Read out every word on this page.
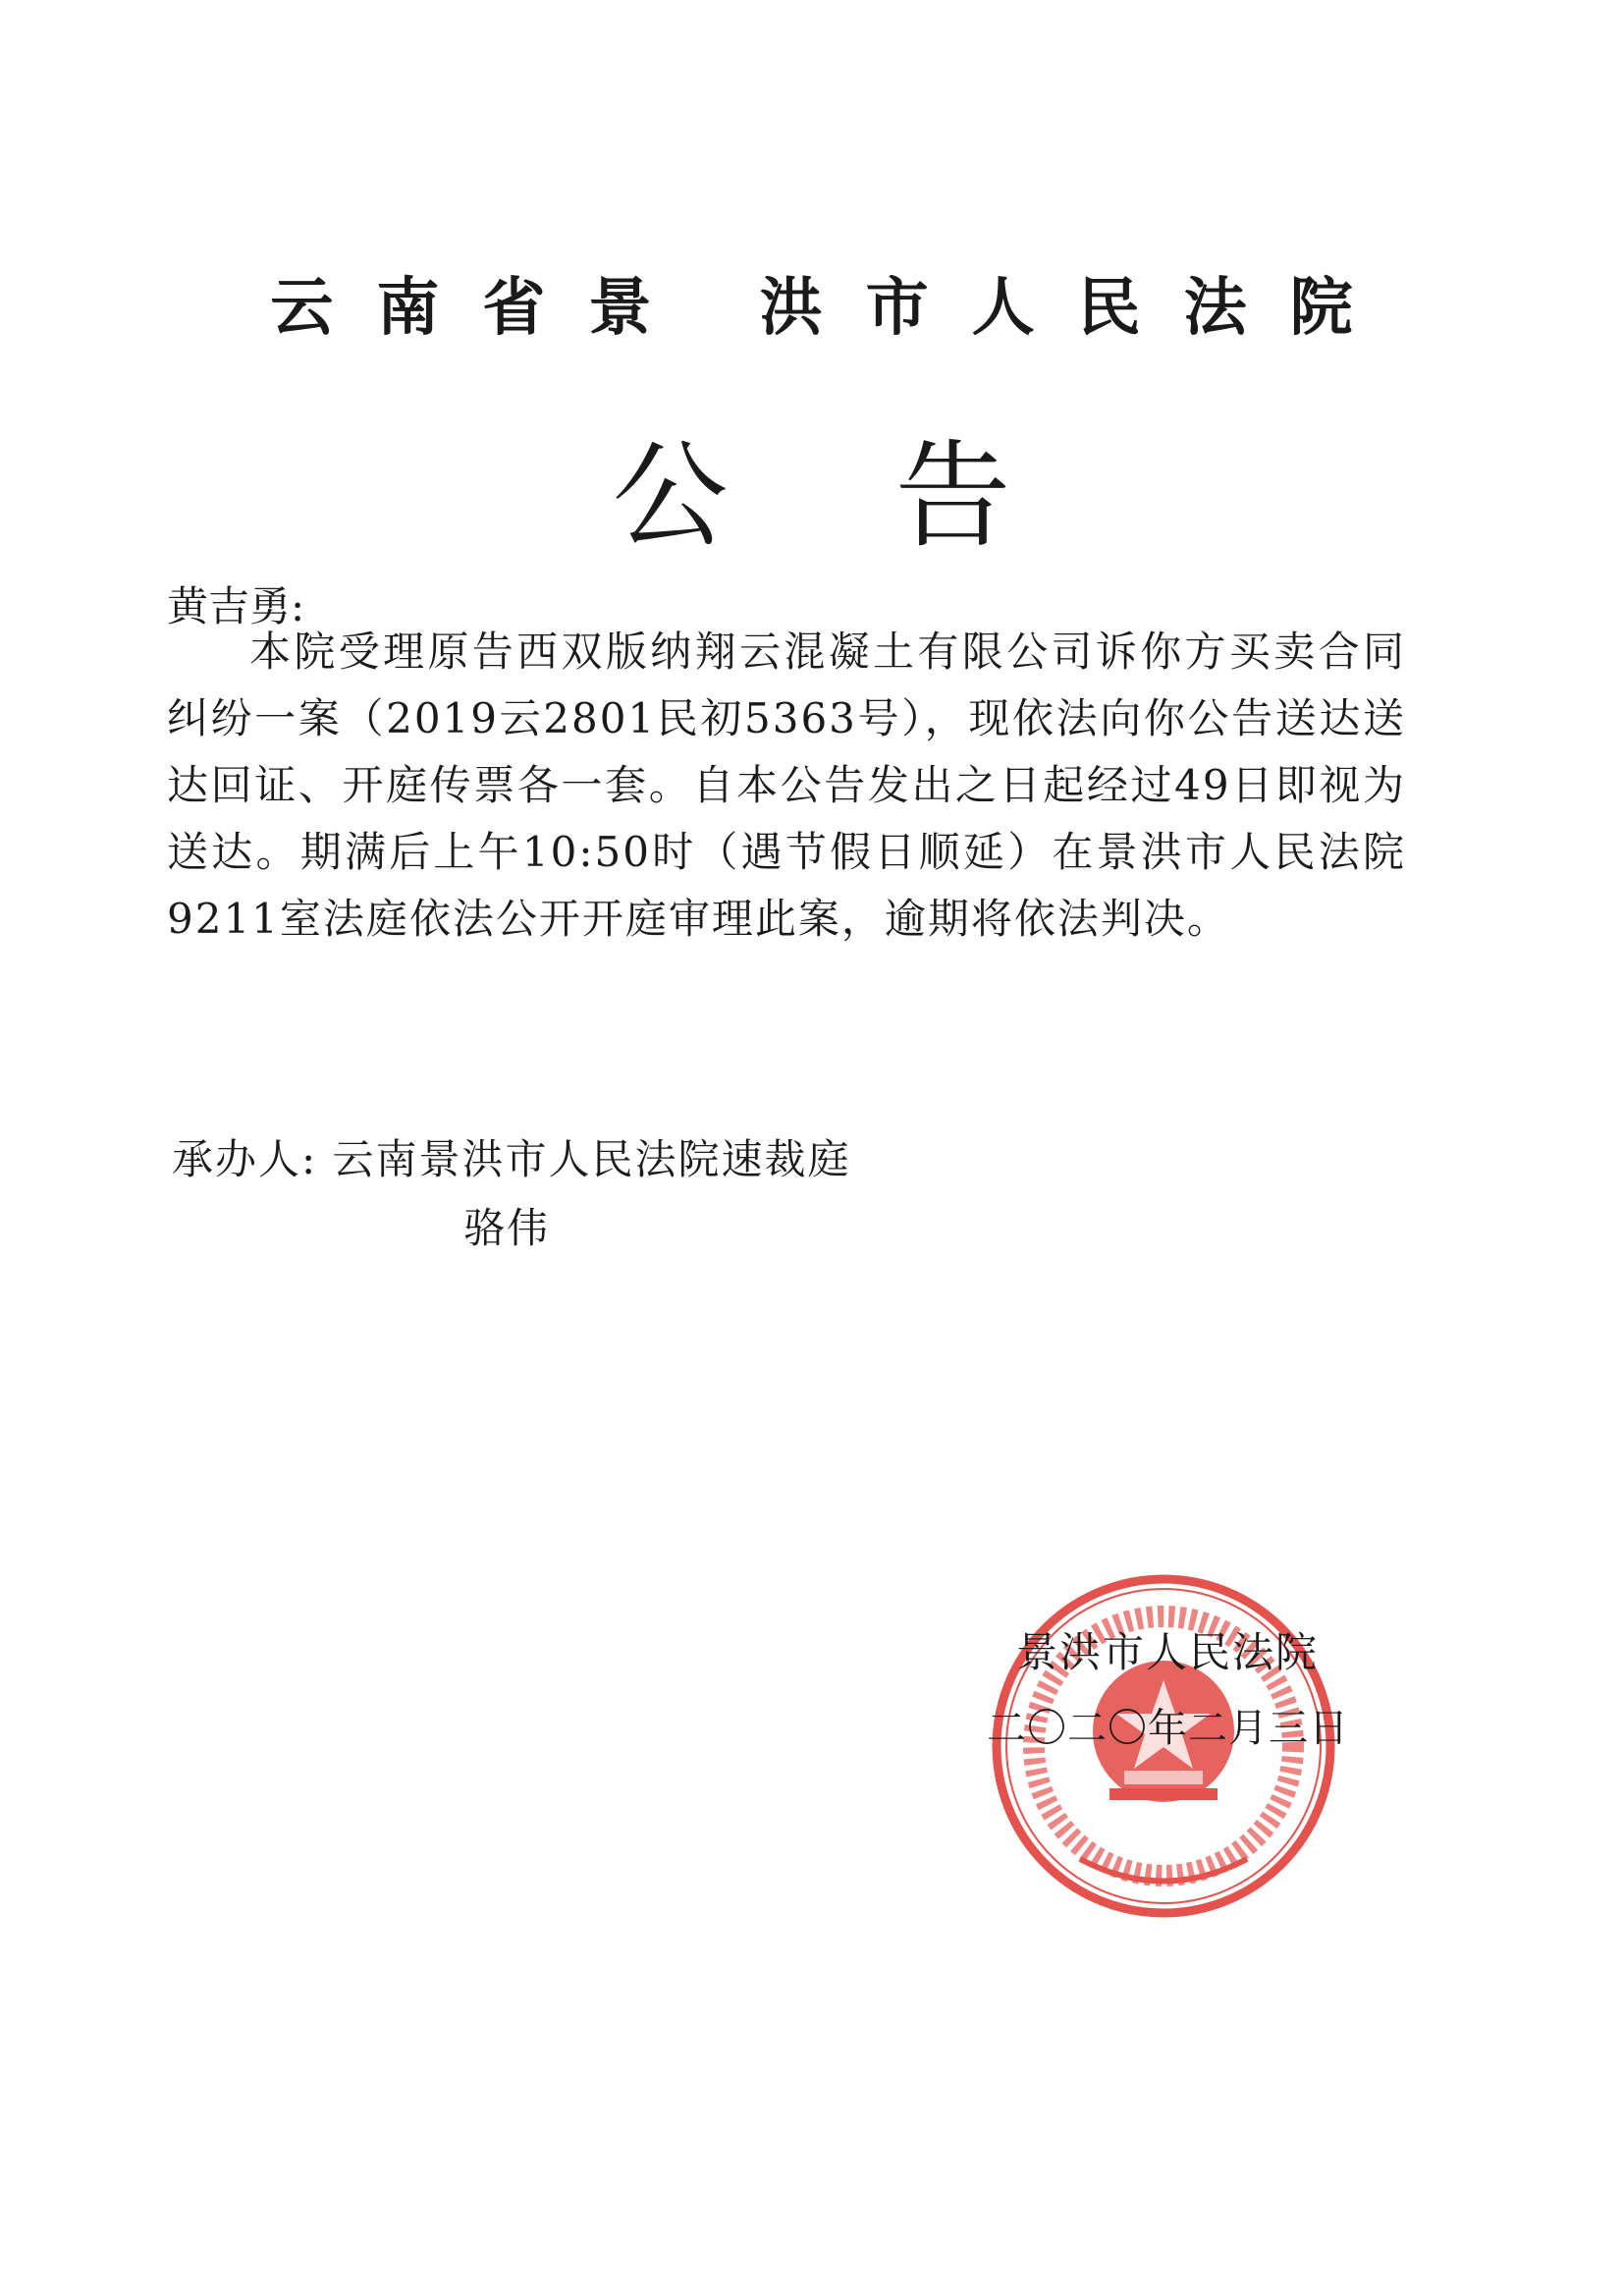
云南省景 洪市人民法院
公告
黄吉勇:
本院受理原告西双版纳翔云混凝土有限公司诉你方买卖合同纠纷一案（2019云2801民初5363号），现依法向你公告送达送达回证、开庭传票各一套。自本公告发出之日起经过49日即视为送达。期满后上午10:50时（遇节假日顺延）在景洪市人民法院9211室法庭依法公开开庭审理此案，逾期将依法判决。
承办人: 云南景洪市人民法院速裁庭
骆伟
景洪市人民法院
二〇二〇年二月三日
